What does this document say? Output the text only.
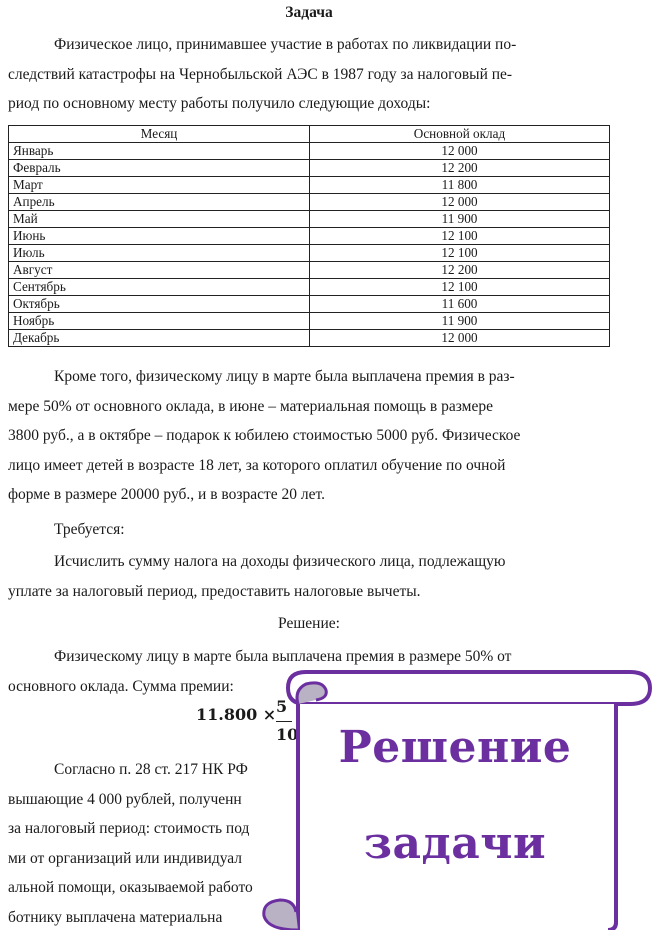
Задача
Физическое лицо, принимавшее участие в работах по ликвидации по-
следствий катастрофы на Чернобыльской АЭС в 1987 году за налоговый пе-
риод по основному месту работы получило следующие доходы:
Месяц	Основной оклад
Январь	12 000
Февраль	12 200
Март	11 800
Апрель	12 000
Май	11 900
Июнь	12 100
Июль	12 100
Август	12 200
Сентябрь	12 100
Октябрь	11 600
Ноябрь	11 900
Декабрь	12 000
Кроме того, физическому лицу в марте была выплачена премия в раз-
мере 50% от основного оклада, в июне – материальная помощь в размере
3800 руб., а в октябре – подарок к юбилею стоимостью 5000 руб. Физическое
лицо имеет детей в возрасте 18 лет, за которого оплатил обучение по очной
форме в размере 20000 руб., и в возрасте 20 лет.
Требуется:
Исчислить сумму налога на доходы физического лица, подлежащую
уплате за налоговый период, предоставить налоговые вычеты.
Решение:
Физическому лицу в марте была выплачена премия в размере 50% от
основного оклада. Сумма премии:
Согласно п. 28 ст. 217 НК РФ
вышающие 4 000 рублей, полученн
за налоговый период: стоимость под
ми от организаций или индивидуал
альной помощи, оказываемой работо
ботнику выплачена материальна
11.800 × 5
10 Решение
задачи
